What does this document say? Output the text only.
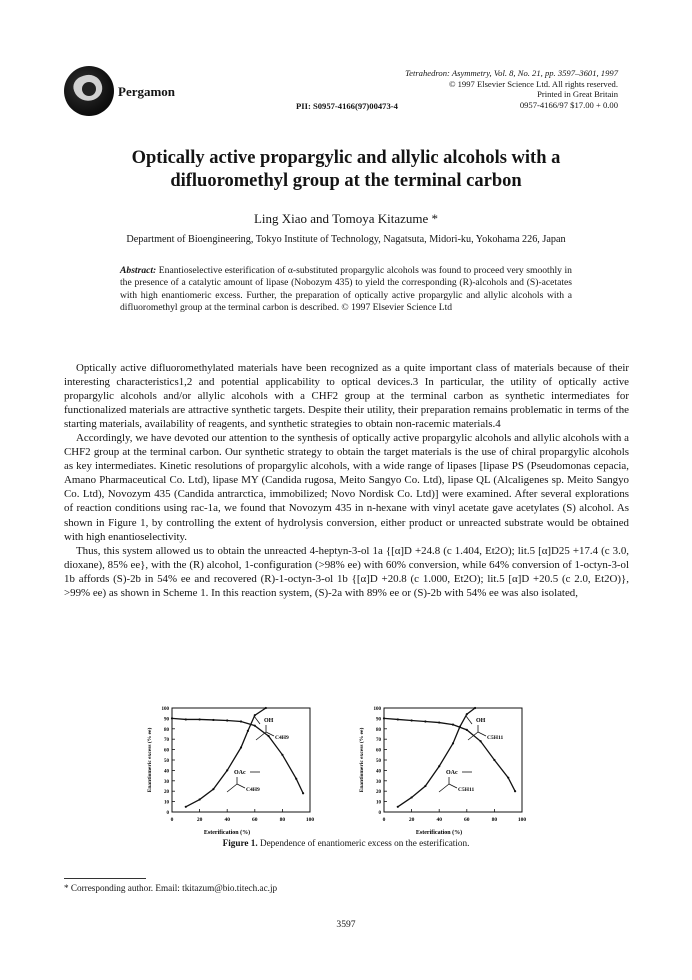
Pergamon
Tetrahedron: Asymmetry, Vol. 8, No. 21, pp. 3597–3601, 1997
© 1997 Elsevier Science Ltd. All rights reserved.
Printed in Great Britain
0957-4166/97 $17.00 + 0.00
PII: S0957-4166(97)00473-4
Optically active propargylic and allylic alcohols with a
difluoromethyl group at the terminal carbon
Ling Xiao and Tomoya Kitazume *
Department of Bioengineering, Tokyo Institute of Technology, Nagatsuta, Midori-ku, Yokohama 226, Japan
Abstract: Enantioselective esterification of α-substituted propargylic alcohols was found to proceed very smoothly in the presence of a catalytic amount of lipase (Nobozym 435) to yield the corresponding (R)-alcohols and (S)-acetates with high enantiomeric excess. Further, the preparation of optically active propargylic and allylic alcohols with a difluoromethyl group at the terminal carbon is described. © 1997 Elsevier Science Ltd

Optically active difluoromethylated materials have been recognized as a quite important class of materials because of their interesting characteristics1,2 and potential applicability to optical devices.3 In particular, the utility of optically active propargylic alcohols and/or allylic alcohols with a CHF2 group at the terminal carbon as synthetic intermediates for functionalized materials are attractive synthetic targets. Despite their utility, their preparation remains problematic in terms of the starting materials, availability of reagents, and synthetic strategies to obtain non-racemic materials.4

Accordingly, we have devoted our attention to the synthesis of optically active propargylic alcohols and allylic alcohols with a CHF2 group at the terminal carbon. Our synthetic strategy to obtain the target materials is the use of chiral propargylic alcohols as key intermediates. Kinetic resolutions of propargylic alcohols, with a wide range of lipases [lipase PS (Pseudomonas cepacia, Amano Pharmaceutical Co. Ltd), lipase MY (Candida rugosa, Meito Sangyo Co. Ltd), lipase QL (Alcaligenes sp. Meito Sangyo Co. Ltd), Novozym 435 (Candida antrarctica, immobilized; Novo Nordisk Co. Ltd)] were examined. After several explorations of reaction conditions using rac-1a, we found that Novozym 435 in n-hexane with vinyl acetate gave acetylates (S) alcohol. As shown in Figure 1, by controlling the extent of hydrolysis conversion, either product or unreacted substrate would be obtained with high enantioselectivity.

Thus, this system allowed us to obtain the unreacted 4-heptyn-3-ol 1a {[α]D +24.8 (c 1.404, Et2O); lit.5 [α]D25 +17.4 (c 3.0, dioxane), 85% ee}, with the (R) alcohol, 1-configuration (>98% ee) with 60% conversion, while 64% conversion of 1-octyn-3-ol 1b affords (S)-2b in 54% ee and recovered (R)-1-octyn-3-ol 1b {[α]D +20.8 (c 1.000, Et2O); lit.5 [α]D +20.5 (c 2.0, Et2O)}, >99% ee) as shown in Scheme 1. In this reaction system, (S)-2a with 89% ee or (S)-2b with 54% ee was also isolated,

0
10
20
30
40
50
60
70
80
90
100
0	20	40	60	80	100
Esterification (%)
Enantiomeric excess (% ee)
OH
C4H9
OAc
C4H9
0
10
20
30
40
50
60
70
80
90
100
0	20	40	60	80	100
Esterification (%)
Enantiomeric excess (% ee)
OH
C5H11
OAc
C5H11
Figure 1. Dependence of enantiomeric excess on the esterification.
* Corresponding author. Email: tkitazum@bio.titech.ac.jp
3597
